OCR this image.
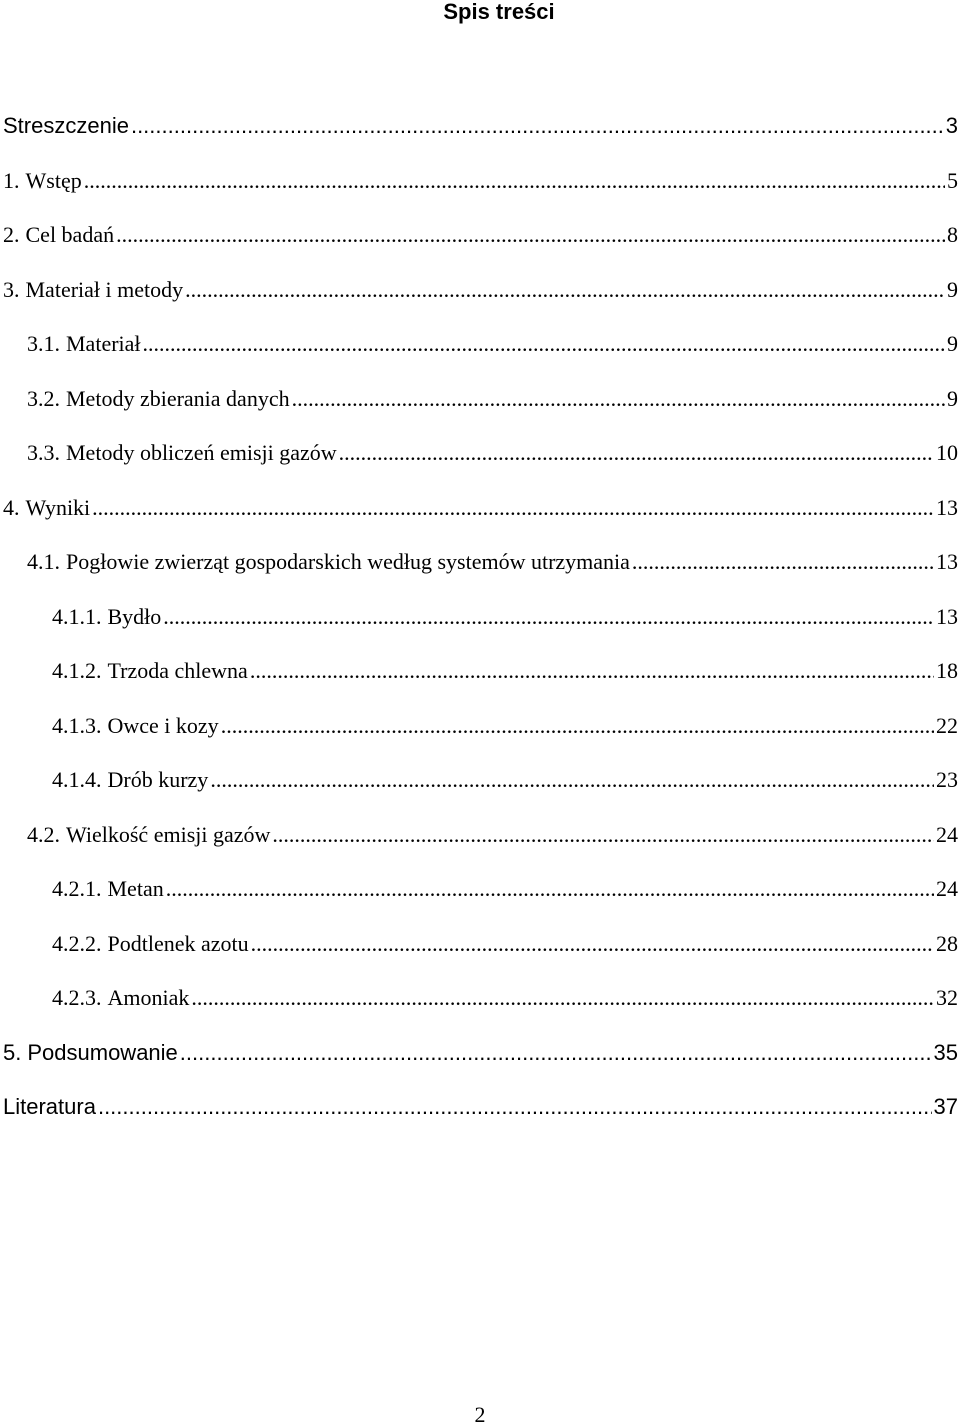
Spis treści
Streszczenie .....	3
1. Wstęp .....	5
2. Cel badań .....	8
3. Materiał i metody .....	9
3.1. Materiał .....	9
3.2. Metody zbierania danych .....	9
3.3. Metody obliczeń emisji gazów .....	10
4. Wyniki .....	13
4.1. Pogłowie zwierząt gospodarskich według systemów utrzymania .....	13
4.1.1. Bydło .....	13
4.1.2. Trzoda chlewna .....	18
4.1.3. Owce i kozy .....	22
4.1.4. Drób kurzy .....	23
4.2. Wielkość emisji gazów .....	24
4.2.1. Metan .....	24
4.2.2. Podtlenek azotu .....	28
4.2.3. Amoniak .....	32
5. Podsumowanie .....	35
Literatura .....	37
2
